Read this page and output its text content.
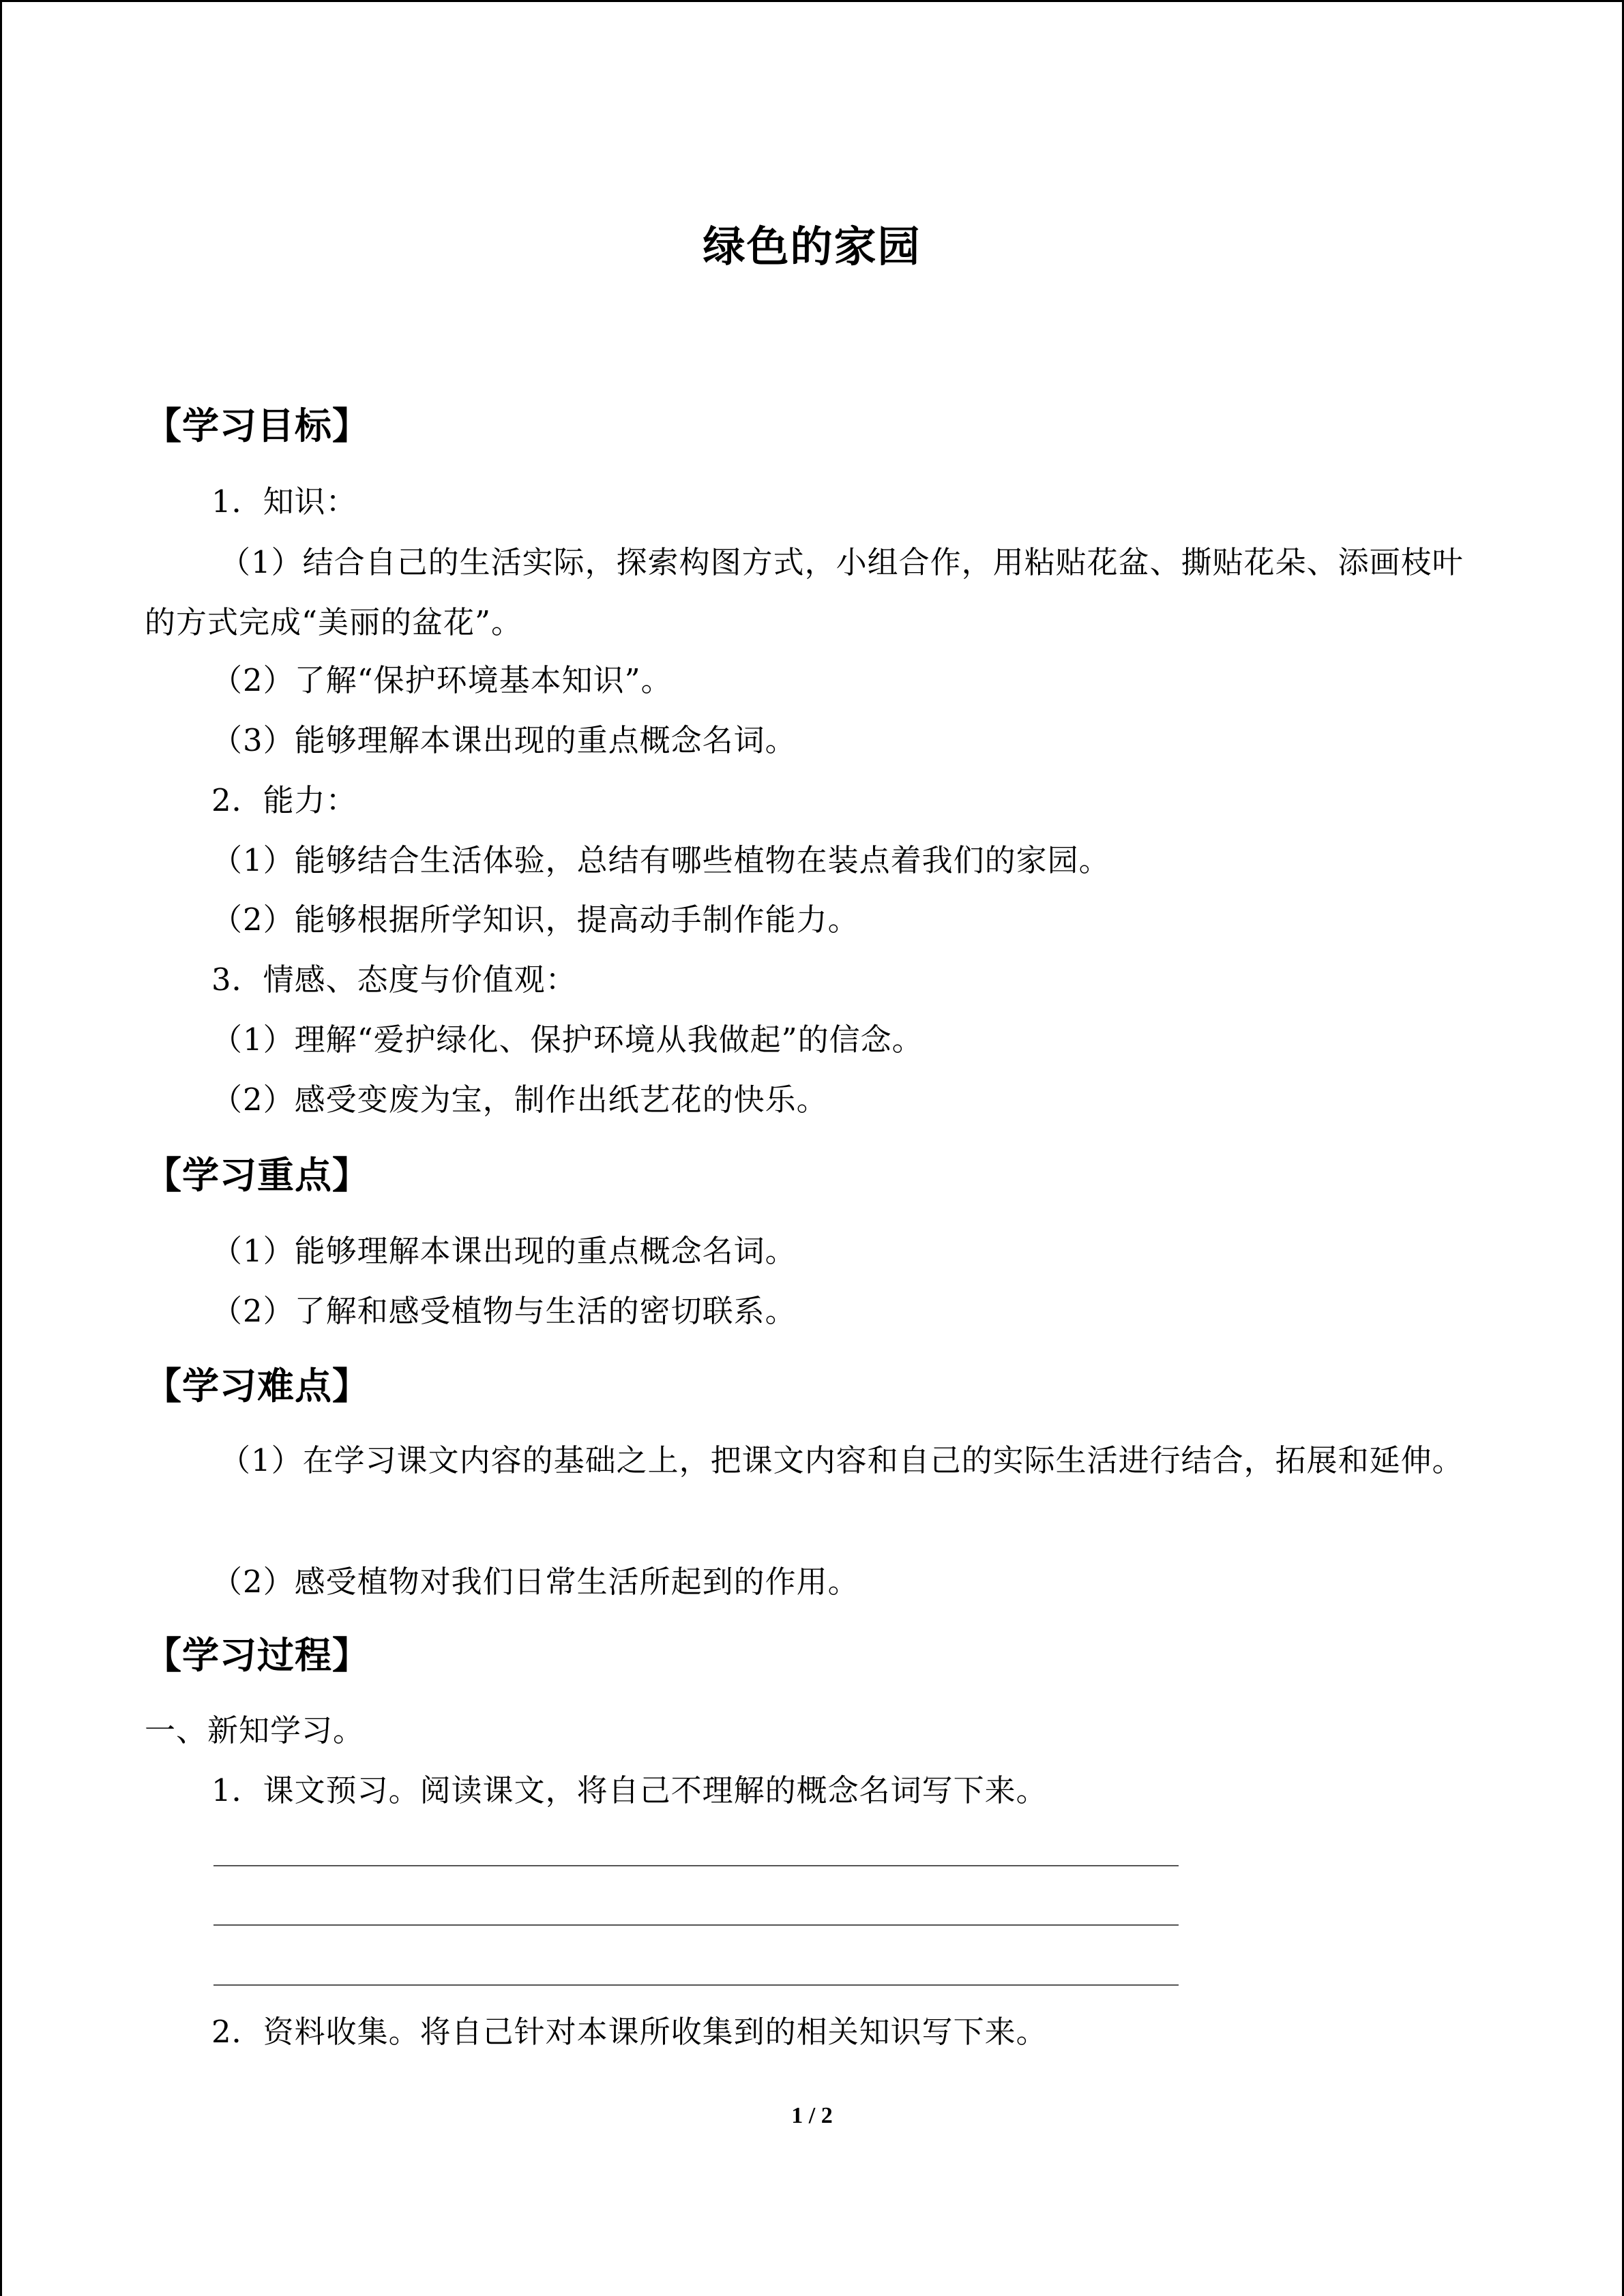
绿色的家园
【学习目标】
1．知识：
（1）结合自己的生活实际，探索构图方式，小组合作，用粘贴花盆、撕贴花朵、添画枝叶的方式完成“美丽的盆花”。
（2）了解“保护环境基本知识”。
（3）能够理解本课出现的重点概念名词。
2．能力：
（1）能够结合生活体验，总结有哪些植物在装点着我们的家园。
（2）能够根据所学知识，提高动手制作能力。
3．情感、态度与价值观：
（1）理解“爱护绿化、保护环境从我做起”的信念。
（2）感受变废为宝，制作出纸艺花的快乐。
【学习重点】
（1）能够理解本课出现的重点概念名词。
（2）了解和感受植物与生活的密切联系。
【学习难点】
（1）在学习课文内容的基础之上，把课文内容和自己的实际生活进行结合，拓展和延伸。
（2）感受植物对我们日常生活所起到的作用。
【学习过程】
一、新知学习。
1．课文预习。阅读课文，将自己不理解的概念名词写下来。
2．资料收集。将自己针对本课所收集到的相关知识写下来。
1 / 2
